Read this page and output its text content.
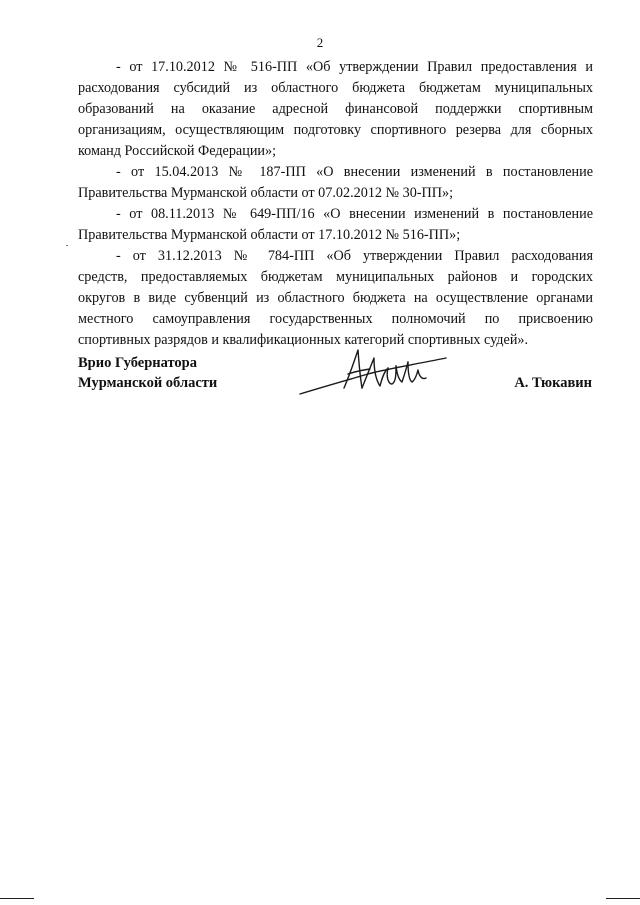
2
- от 17.10.2012 № 516-ПП «Об утверждении Правил предоставления и
расходования субсидий из областного бюджета бюджетам муниципальных
образований на оказание адресной финансовой поддержки спортивным
организациям, осуществляющим подготовку спортивного резерва для сборных
команд Российской Федерации»;
- от 15.04.2013 № 187-ПП «О внесении изменений в постановление
Правительства Мурманской области от 07.02.2012 № 30-ПП»;
- от 08.11.2013 № 649-ПП/16 «О внесении изменений в постановление
Правительства Мурманской области от 17.10.2012 № 516-ПП»;
- от 31.12.2013 № 784-ПП «Об утверждении Правил расходования
средств, предоставляемых бюджетам муниципальных районов и городских
округов в виде субвенций из областного бюджета на осуществление органами
местного самоуправления государственных полномочий по присвоению
спортивных разрядов и квалификационных категорий спортивных судей».
Врио Губернатора
Мурманской области	А. Тюкавин
